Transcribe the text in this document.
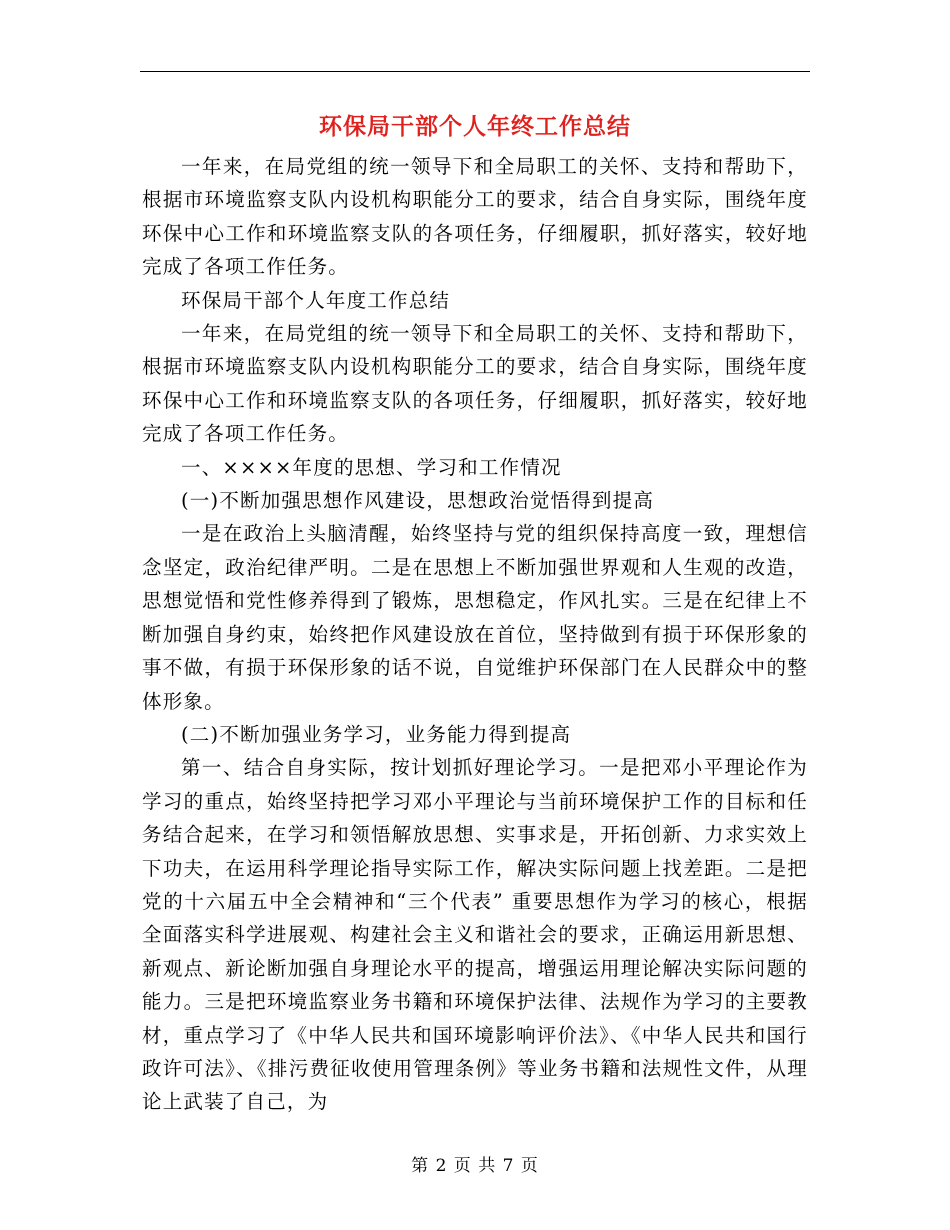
环保局干部个人年终工作总结

一年来，在局党组的统一领导下和全局职工的关怀、支持和帮助下，根据市环境监察支队内设机构职能分工的要求，结合自身实际，围绕年度环保中心工作和环境监察支队的各项任务，仔细履职，抓好落实，较好地完成了各项工作任务。

环保局干部个人年度工作总结

一年来，在局党组的统一领导下和全局职工的关怀、支持和帮助下，根据市环境监察支队内设机构职能分工的要求，结合自身实际，围绕年度环保中心工作和环境监察支队的各项任务，仔细履职，抓好落实，较好地完成了各项工作任务。

一、××××年度的思想、学习和工作情况

(一)不断加强思想作风建设，思想政治觉悟得到提高

一是在政治上头脑清醒，始终坚持与党的组织保持高度一致，理想信念坚定，政治纪律严明。二是在思想上不断加强世界观和人生观的改造，思想觉悟和党性修养得到了锻炼，思想稳定，作风扎实。三是在纪律上不断加强自身约束，始终把作风建设放在首位，坚持做到有损于环保形象的事不做，有损于环保形象的话不说，自觉维护环保部门在人民群众中的整体形象。

(二)不断加强业务学习，业务能力得到提高

第一、结合自身实际，按计划抓好理论学习。一是把邓小平理论作为学习的重点，始终坚持把学习邓小平理论与当前环境保护工作的目标和任务结合起来，在学习和领悟解放思想、实事求是，开拓创新、力求实效上下功夫，在运用科学理论指导实际工作，解决实际问题上找差距。二是把党的十六届五中全会精神和“三个代表” 重要思想作为学习的核心，根据全面落实科学进展观、构建社会主义和谐社会的要求，正确运用新思想、新观点、新论断加强自身理论水平的提高，增强运用理论解决实际问题的能力。三是把环境监察业务书籍和环境保护法律、法规作为学习的主要教材，重点学习了《中华人民共和国环境影响评价法》、《中华人民共和国行政许可法》、《排污费征收使用管理条例》等业务书籍和法规性文件，从理论上武装了自己，为

第 2 页 共 7 页
